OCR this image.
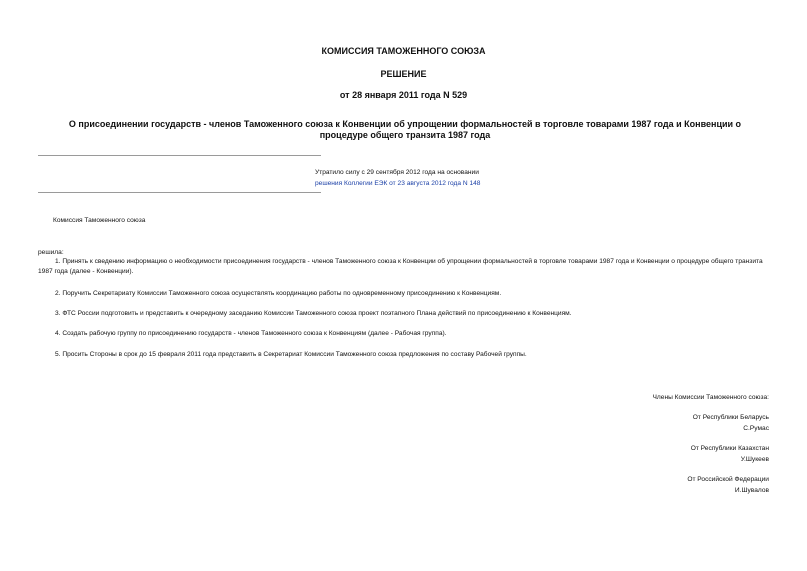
КОМИССИЯ ТАМОЖЕННОГО СОЮЗА
РЕШЕНИЕ
от 28 января 2011 года N 529
О присоединении государств - членов Таможенного союза к Конвенции об упрощении формальностей в торговле товарами 1987 года и Конвенции о процедуре общего транзита 1987 года
Утратило силу с 29 сентября 2012 года на основании
решения Коллегии ЕЭК от 23 августа 2012 года N 148
Комиссия Таможенного союза
решила:
1. Принять к сведению информацию о необходимости присоединения государств - членов Таможенного союза к Конвенции об упрощении формальностей в торговле товарами 1987 года и Конвенции о процедуре общего транзита 1987 года (далее - Конвенции).
2. Поручить Секретариату Комиссии Таможенного союза осуществлять координацию работы по одновременному присоединению к Конвенциям.
3. ФТС России подготовить и представить к очередному заседанию Комиссии Таможенного союза проект поэтапного Плана действий по присоединению к Конвенциям.
4. Создать рабочую группу по присоединению государств - членов Таможенного союза к Конвенциям (далее - Рабочая группа).
5. Просить Стороны в срок до 15 февраля 2011 года представить в Секретариат Комиссии Таможенного союза предложения по составу Рабочей группы.
Члены Комиссии Таможенного союза:
От Республики Беларусь
С.Румас
От Республики Казахстан
У.Шукеев
От Российской Федерации
И.Шувалов
